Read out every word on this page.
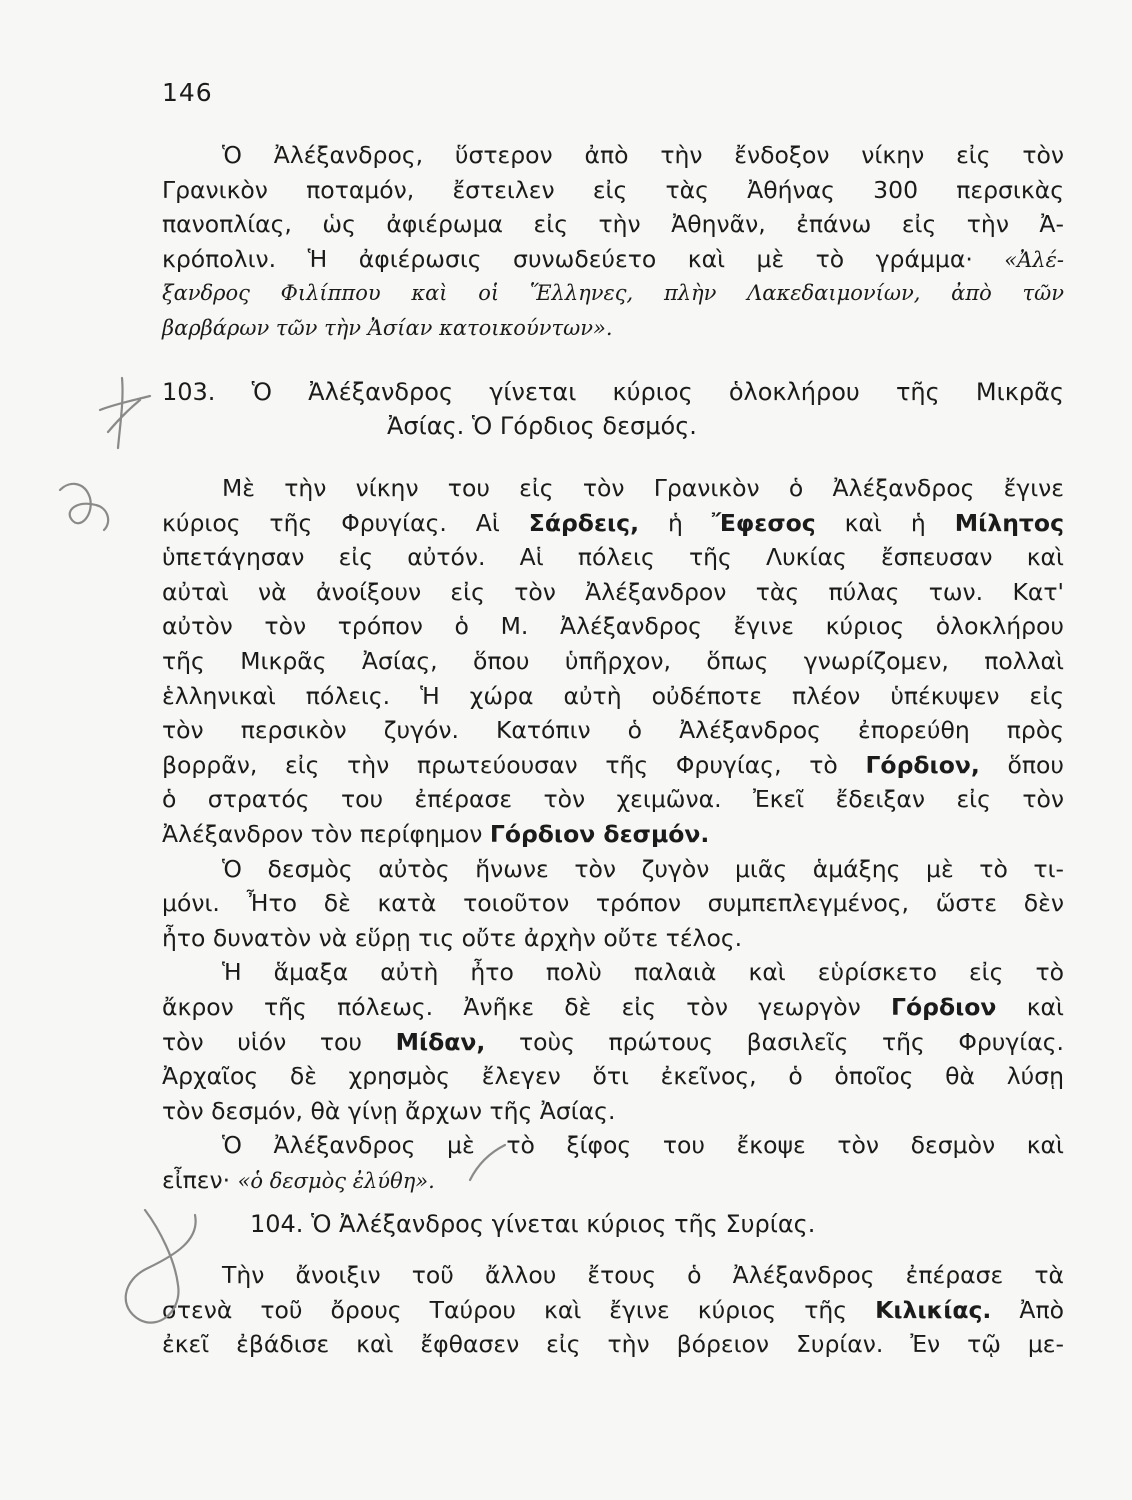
146
Ὁ Ἀλέξανδρος, ὕστερον ἀπὸ τὴν ἔνδοξον νίκην εἰς τὸν
Γρανικὸν ποταμόν, ἔστειλεν εἰς τὰς Ἀθήνας 300 περσικὰς
πανοπλίας, ὡς ἀφιέρωμα εἰς τὴν Ἀθηνᾶν, ἐπάνω εἰς τὴν Ἀ-
κρόπολιν. Ἡ ἀφιέρωσις συνωδεύετο καὶ μὲ τὸ γράμμα· «Ἀλέ-
ξανδρος Φιλίππου καὶ οἱ Ἕλληνες, πλὴν Λακεδαιμονίων, ἀπὸ τῶν
βαρβάρων τῶν τὴν Ἀσίαν κατοικούντων».
103. Ὁ Ἀλέξανδρος γίνεται κύριος ὁλοκλήρου τῆς Μικρᾶς
Ἀσίας. Ὁ Γόρδιος δεσμός.
Μὲ τὴν νίκην του εἰς τὸν Γρανικὸν ὁ Ἀλέξανδρος ἔγινε
κύριος τῆς Φρυγίας. Αἱ Σάρδεις, ἡ Ἔφεσος καὶ ἡ Μίλητος
ὑπετάγησαν εἰς αὐτόν. Αἱ πόλεις τῆς Λυκίας ἔσπευσαν καὶ
αὐταὶ νὰ ἀνοίξουν εἰς τὸν Ἀλέξανδρον τὰς πύλας των. Κατ'
αὐτὸν τὸν τρόπον ὁ Μ. Ἀλέξανδρος ἔγινε κύριος ὁλοκλήρου
τῆς Μικρᾶς Ἀσίας, ὅπου ὑπῆρχον, ὅπως γνωρίζομεν, πολλαὶ
ἑλληνικαὶ πόλεις. Ἡ χώρα αὐτὴ οὐδέποτε πλέον ὑπέκυψεν εἰς
τὸν περσικὸν ζυγόν. Κατόπιν ὁ Ἀλέξανδρος ἐπορεύθη πρὸς
βορρᾶν, εἰς τὴν πρωτεύουσαν τῆς Φρυγίας, τὸ Γόρδιον, ὅπου
ὁ στρατός του ἐπέρασε τὸν χειμῶνα. Ἐκεῖ ἔδειξαν εἰς τὸν
Ἀλέξανδρον τὸν περίφημον Γόρδιον δεσμόν.
Ὁ δεσμὸς αὐτὸς ἥνωνε τὸν ζυγὸν μιᾶς ἁμάξης μὲ τὸ τι-
μόνι. Ἦτο δὲ κατὰ τοιοῦτον τρόπον συμπεπλεγμένος, ὥστε δὲν
ἦτο δυνατὸν νὰ εὕρῃ τις οὔτε ἀρχὴν οὔτε τέλος.
Ἡ ἅμαξα αὐτὴ ἦτο πολὺ παλαιὰ καὶ εὑρίσκετο εἰς τὸ
ἄκρον τῆς πόλεως. Ἀνῆκε δὲ εἰς τὸν γεωργὸν Γόρδιον καὶ
τὸν υἱόν του Μίδαν, τοὺς πρώτους βασιλεῖς τῆς Φρυγίας.
Ἀρχαῖος δὲ χρησμὸς ἔλεγεν ὅτι ἐκεῖνος, ὁ ὁποῖος θὰ λύσῃ
τὸν δεσμόν, θὰ γίνῃ ἄρχων τῆς Ἀσίας.
Ὁ Ἀλέξανδρος μὲ τὸ ξίφος του ἔκοψε τὸν δεσμὸν καὶ
εἶπεν· «ὁ δεσμὸς ἐλύθη».
104. Ὁ Ἀλέξανδρος γίνεται κύριος τῆς Συρίας.
Τὴν ἄνοιξιν τοῦ ἄλλου ἔτους ὁ Ἀλέξανδρος ἐπέρασε τὰ
στενὰ τοῦ ὄρους Ταύρου καὶ ἔγινε κύριος τῆς Κιλικίας. Ἀπὸ
ἐκεῖ ἐβάδισε καὶ ἔφθασεν εἰς τὴν βόρειον Συρίαν. Ἐν τῷ με-
